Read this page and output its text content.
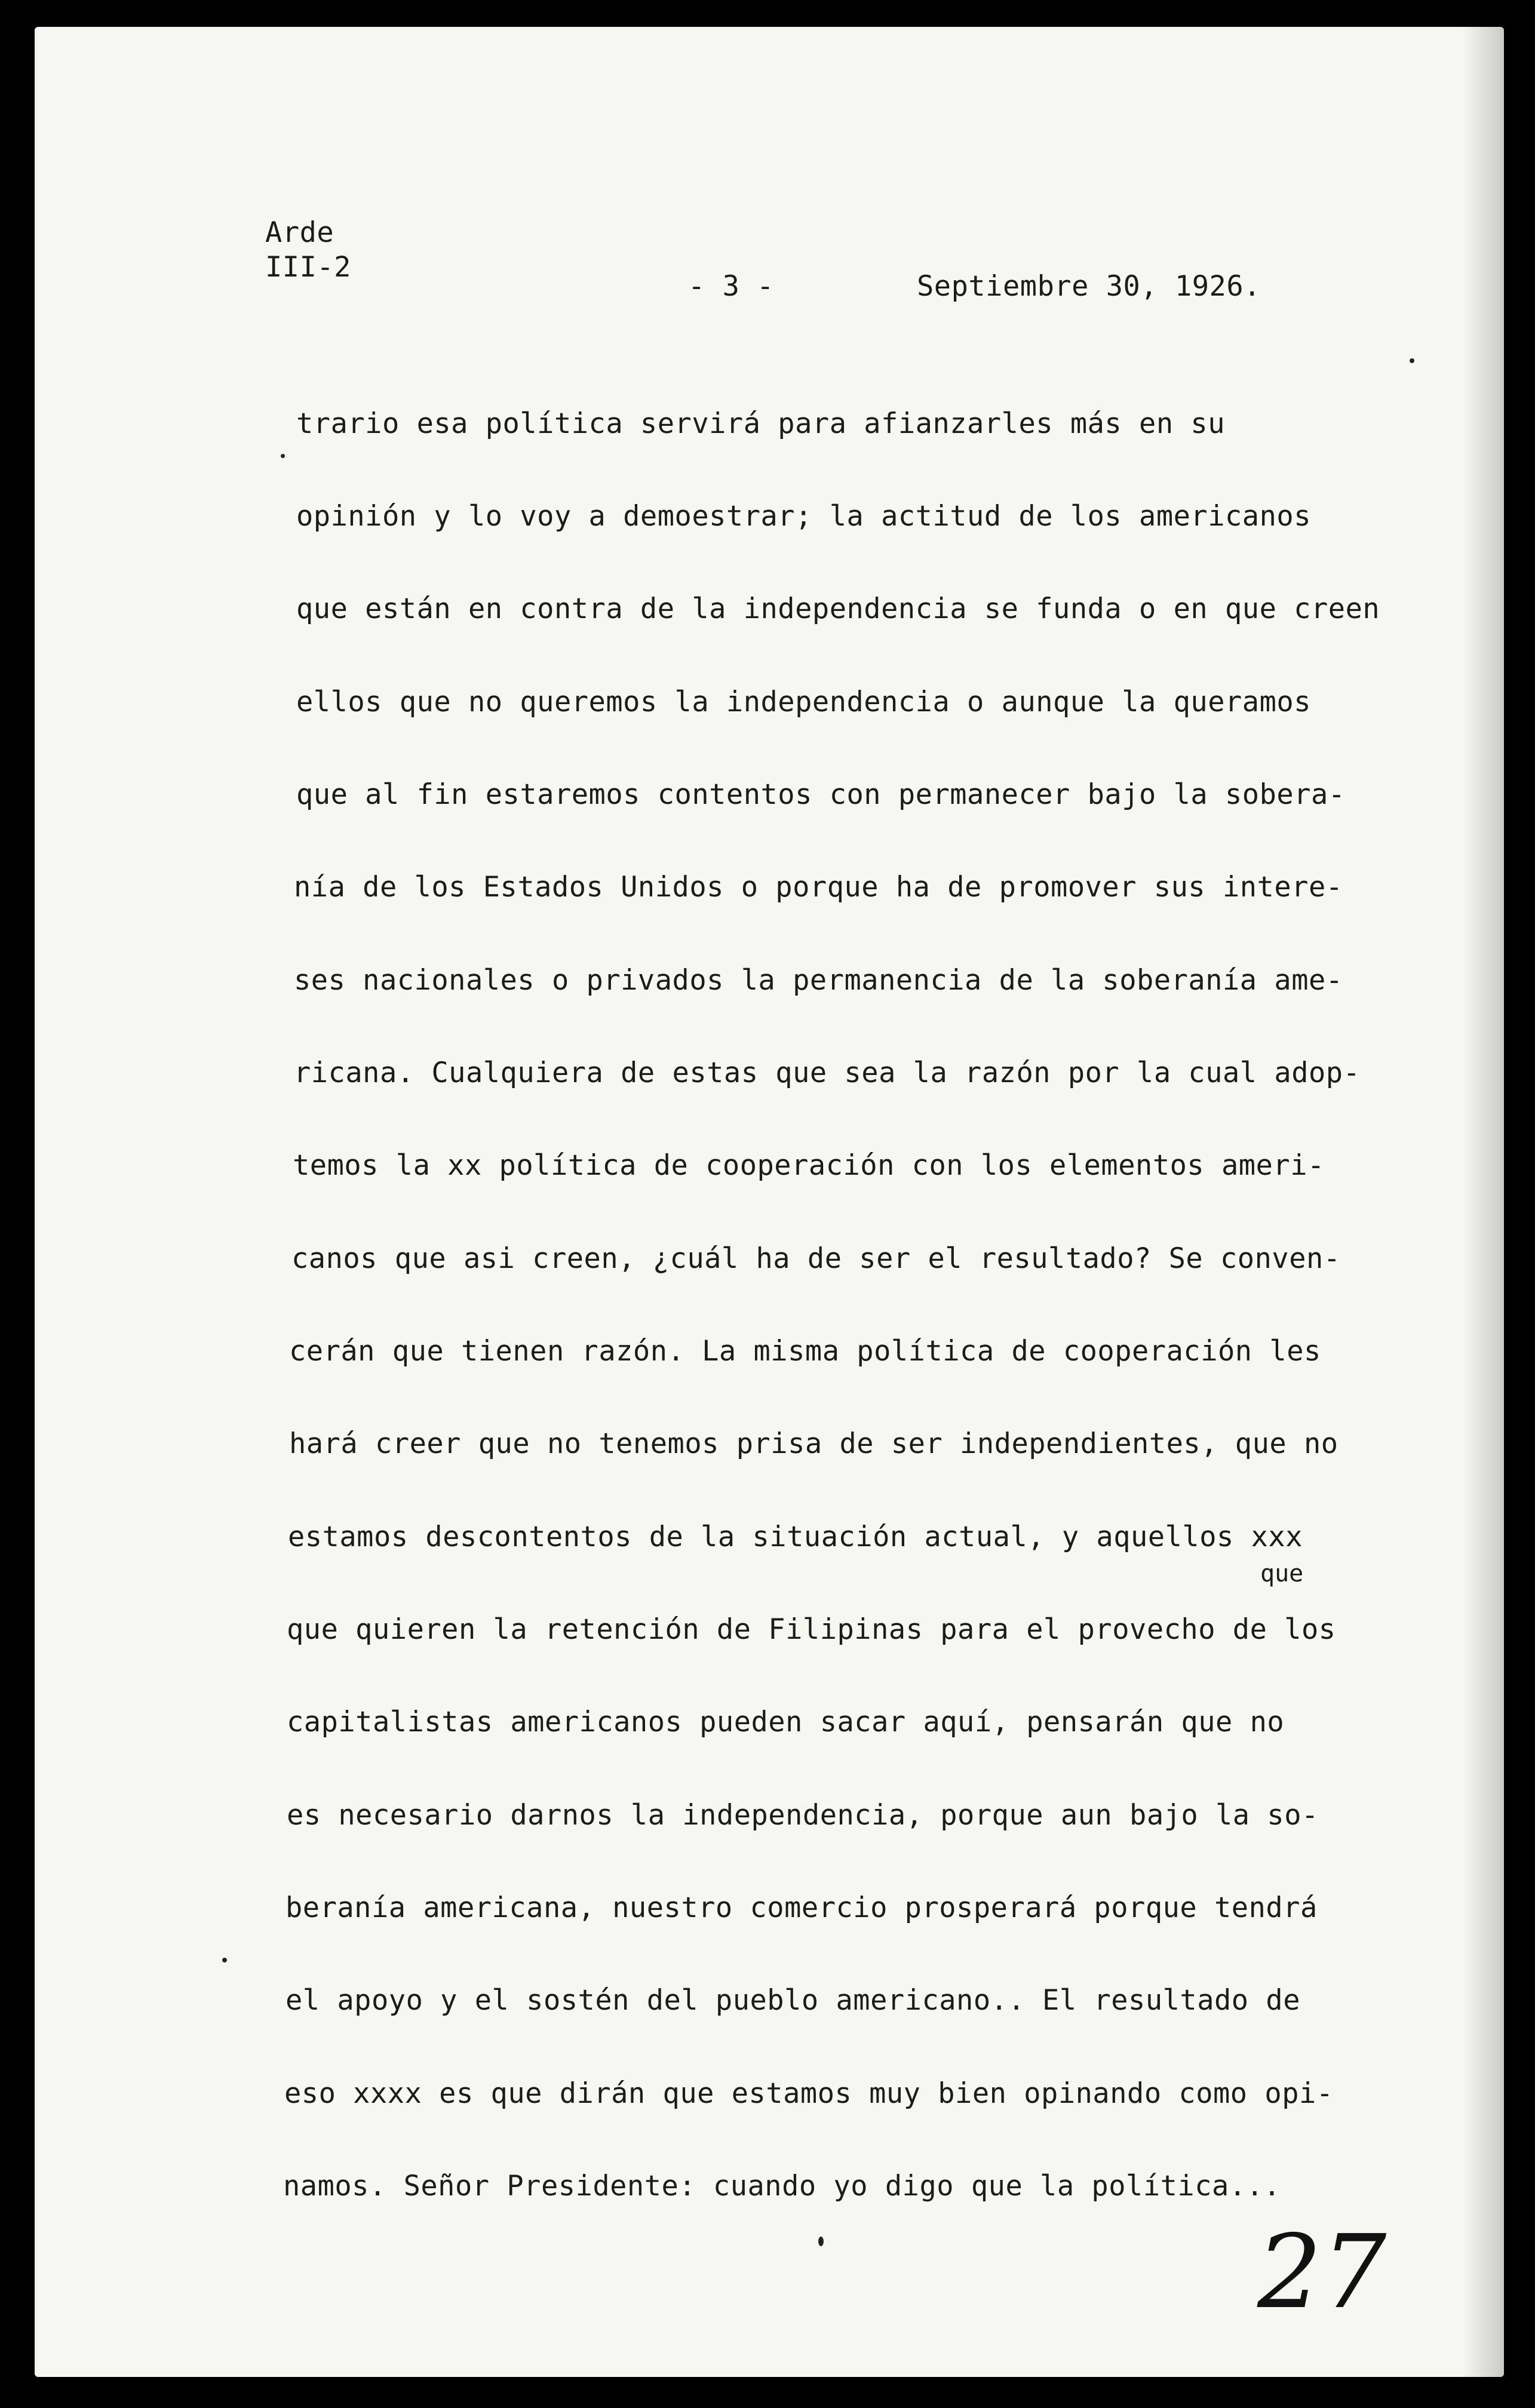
Arde

III-2

- 3 -	Septiembre 30, 1926.

trario esa política servirá para afianzarles más en su

opinión y lo voy a demoestrar; la actitud de los americanos

que están en contra de la independencia se funda o en que creen

ellos que no queremos la independencia o aunque la queramos

que al fin estaremos contentos con permanecer bajo la sobera-

nía de los Estados Unidos o porque ha de promover sus intere-

ses nacionales o privados la permanencia de la soberanía ame-

ricana. Cualquiera de estas que sea la razón por la cual adop-

temos la xx política de cooperación con los elementos ameri-

canos que asi creen, ¿cuál ha de ser el resultado? Se conven-

cerán que tienen razón. La misma política de cooperación les

hará creer que no tenemos prisa de ser independientes, que no

estamos descontentos de la situación actual, y aquellos xxx

que quieren la retención de Filipinas para el provecho de los

capitalistas americanos pueden sacar aquí, pensarán que no

es necesario darnos la independencia, porque aun bajo la so-

beranía americana, nuestro comercio prosperará porque tendrá

el apoyo y el sostén del pueblo americano.. El resultado de

eso xxxx es que dirán que estamos muy bien opinando como opi-

namos. Señor Presidente: cuando yo digo que la política...

que

27
